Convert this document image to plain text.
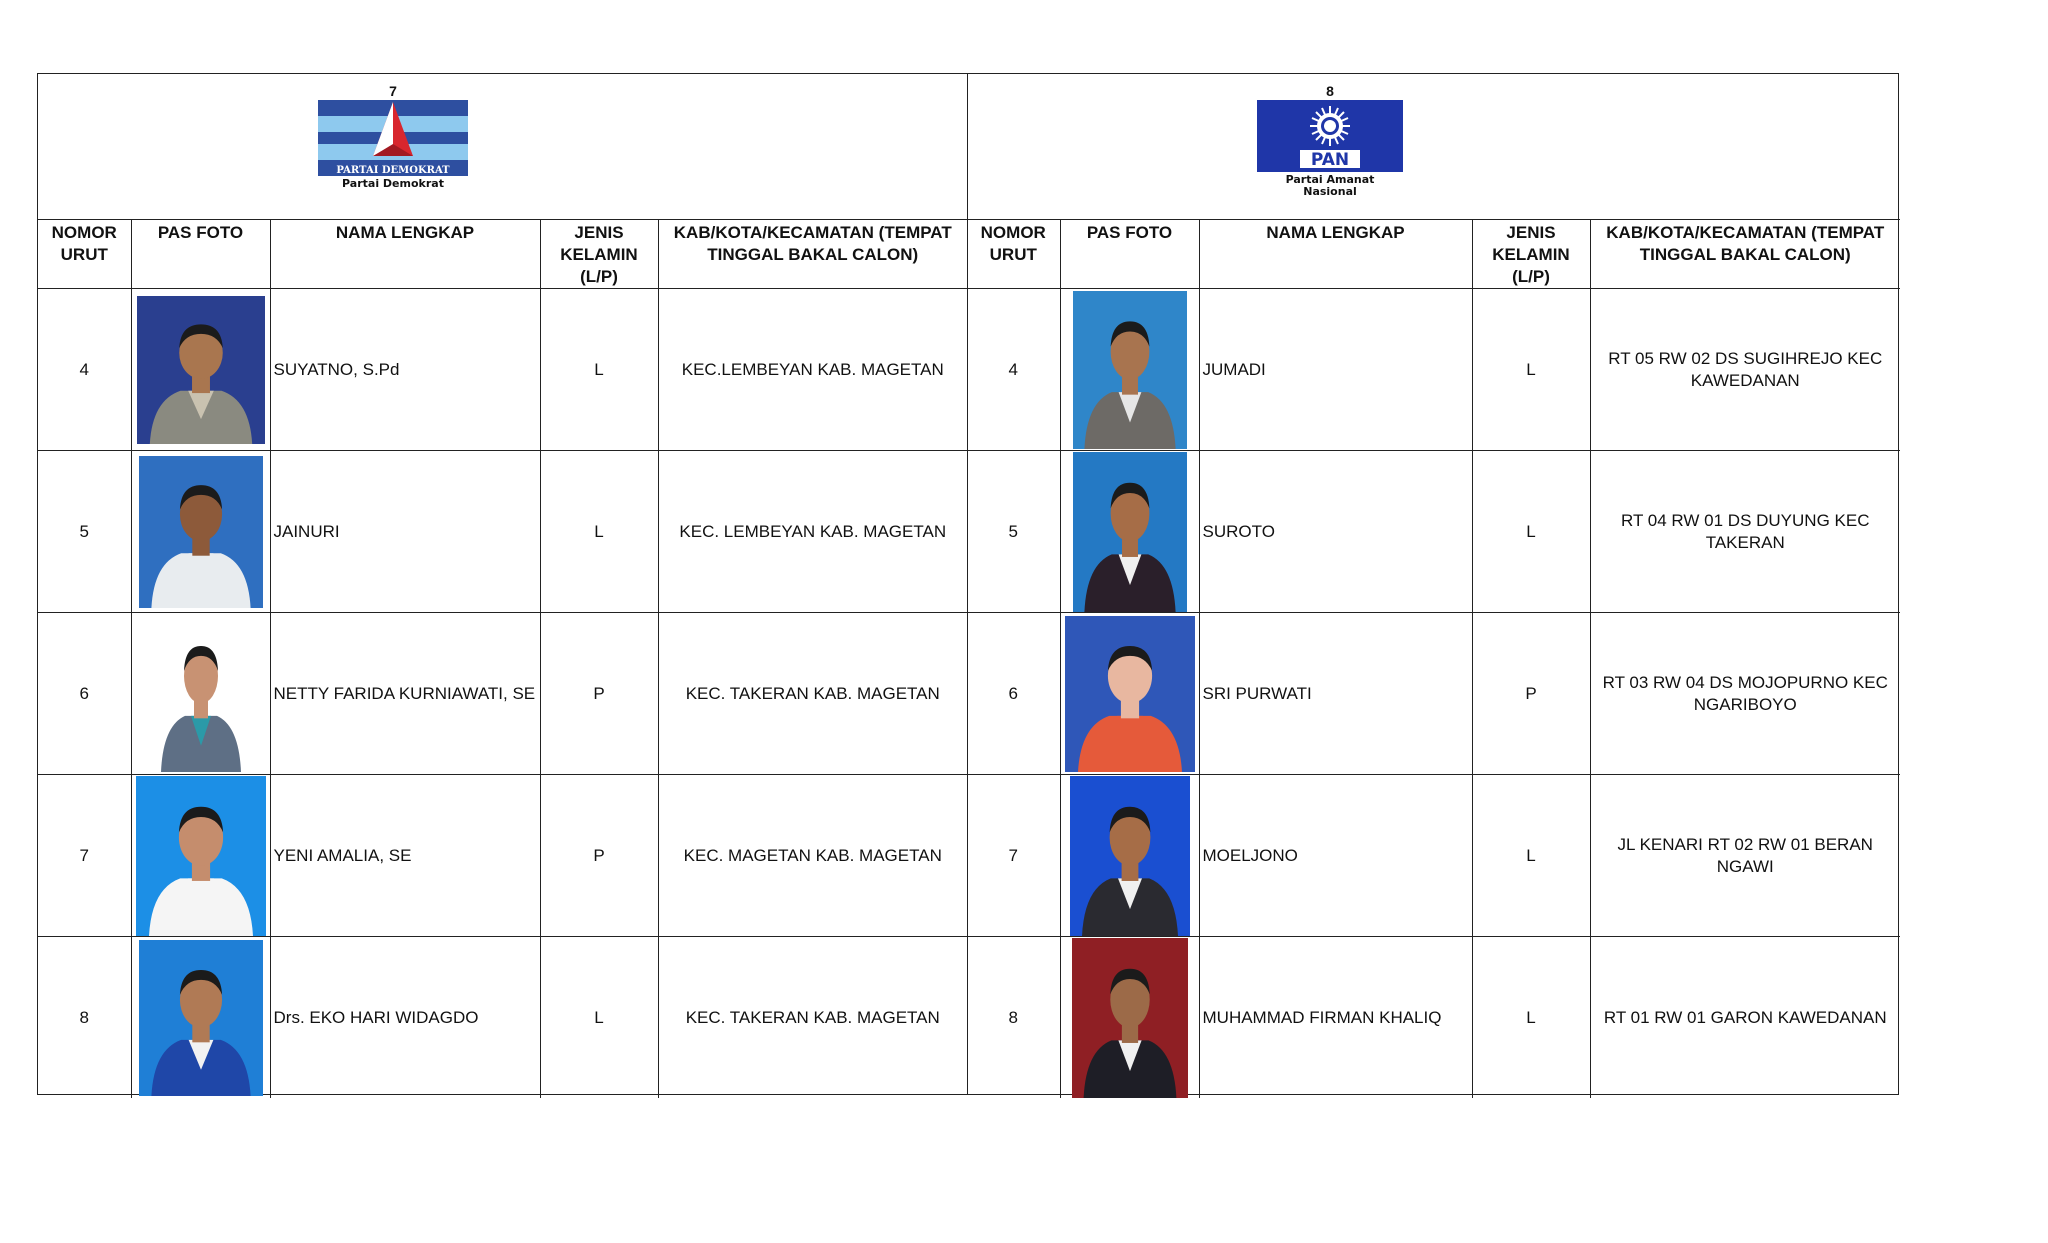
7
PARTAI DEMOKRAT
Partai Demokrat
NOMOR URUT	PAS FOTO	NAMA LENGKAP	JENIS KELAMIN (L/P)	KAB/KOTA/KECAMATAN (TEMPAT TINGGAL BAKAL CALON)
4		SUYATNO, S.Pd	L	KEC.LEMBEYAN KAB. MAGETAN
5		JAINURI	L	KEC. LEMBEYAN KAB. MAGETAN
6		NETTY FARIDA KURNIAWATI, SE	P	KEC. TAKERAN KAB. MAGETAN
7		YENI AMALIA, SE	P	KEC. MAGETAN KAB. MAGETAN
8		Drs. EKO HARI WIDAGDO	L	KEC. TAKERAN KAB. MAGETAN
8
PAN
Partai Amanat Nasional
NOMOR URUT	PAS FOTO	NAMA LENGKAP	JENIS KELAMIN (L/P)	KAB/KOTA/KECAMATAN (TEMPAT TINGGAL BAKAL CALON)
4		JUMADI	L	RT 05 RW 02 DS SUGIHREJO KEC KAWEDANAN
5		SUROTO	L	RT 04 RW 01 DS DUYUNG KEC TAKERAN
6		SRI PURWATI	P	RT 03 RW 04 DS MOJOPURNO KEC NGARIBOYO
7		MOELJONO	L	JL KENARI RT 02 RW 01 BERAN NGAWI
8		MUHAMMAD FIRMAN KHALIQ	L	RT 01 RW 01 GARON KAWEDANAN
